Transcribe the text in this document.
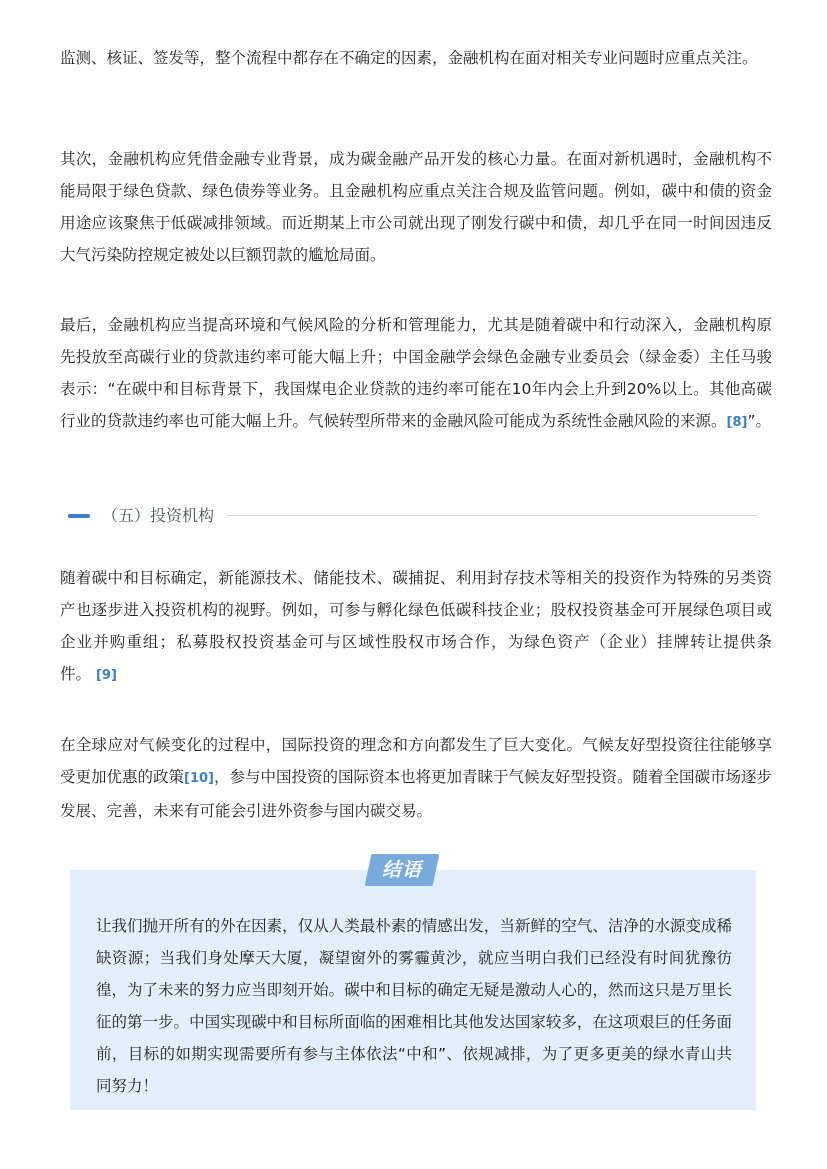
监测、核证、签发等，整个流程中都存在不确定的因素，金融机构在面对相关专业问题时应重点关注。

其次，金融机构应凭借金融专业背景，成为碳金融产品开发的核心力量。在面对新机遇时，金融机构不能局限于绿色贷款、绿色债券等业务。且金融机构应重点关注合规及监管问题。例如，碳中和债的资金用途应该聚焦于低碳减排领域。而近期某上市公司就出现了刚发行碳中和债，却几乎在同一时间因违反大气污染防控规定被处以巨额罚款的尴尬局面。

最后，金融机构应当提高环境和气候风险的分析和管理能力，尤其是随着碳中和行动深入，金融机构原先投放至高碳行业的贷款违约率可能大幅上升；中国金融学会绿色金融专业委员会（绿金委）主任马骏表示：“在碳中和目标背景下，我国煤电企业贷款的违约率可能在10年内会上升到20%以上。其他高碳行业的贷款违约率也可能大幅上升。气候转型所带来的金融风险可能成为系统性金融风险的来源。[8]”。

（五）投资机构

随着碳中和目标确定，新能源技术、储能技术、碳捕捉、利用封存技术等相关的投资作为特殊的另类资产也逐步进入投资机构的视野。例如，可参与孵化绿色低碳科技企业；股权投资基金可开展绿色项目或企业并购重组；私募股权投资基金可与区域性股权市场合作，为绿色资产（企业）挂牌转让提供条件。 [9]

在全球应对气候变化的过程中，国际投资的理念和方向都发生了巨大变化。气候友好型投资往往能够享受更加优惠的政策[10]，参与中国投资的国际资本也将更加青睐于气候友好型投资。随着全国碳市场逐步发展、完善，未来有可能会引进外资参与国内碳交易。

结语

让我们抛开所有的外在因素，仅从人类最朴素的情感出发，当新鲜的空气、洁净的水源变成稀缺资源；当我们身处摩天大厦，凝望窗外的雾霾黄沙，就应当明白我们已经没有时间犹豫彷徨，为了未来的努力应当即刻开始。碳中和目标的确定无疑是激动人心的，然而这只是万里长征的第一步。中国实现碳中和目标所面临的困难相比其他发达国家较多，在这项艰巨的任务面前，目标的如期实现需要所有参与主体依法“中和”、依规减排，为了更多更美的绿水青山共同努力！
